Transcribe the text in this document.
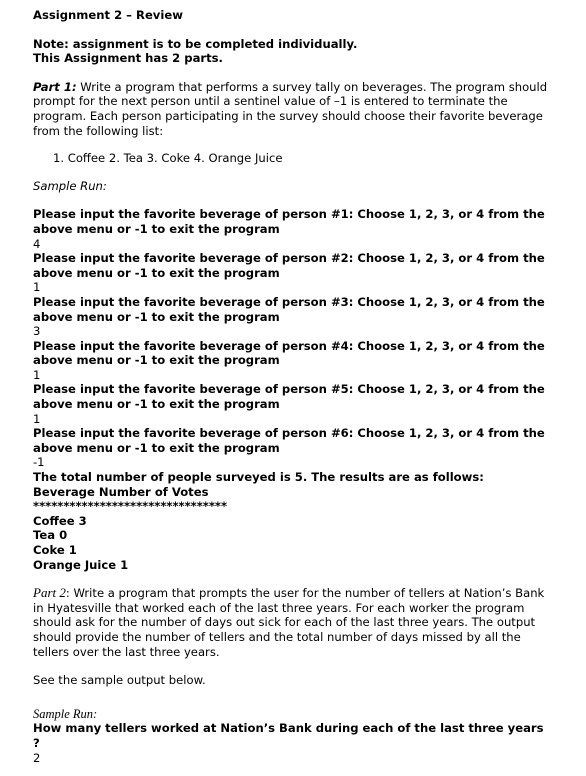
Assignment 2 – Review

Note: assignment is to be completed individually.

This Assignment has 2 parts.

Part 1: Write a program that performs a survey tally on beverages. The program should prompt for the next person until a sentinel value of –1 is entered to terminate the program. Each person participating in the survey should choose their favorite beverage from the following list:

1. Coffee 2. Tea 3. Coke 4. Orange Juice

Sample Run:

Please input the favorite beverage of person #1: Choose 1, 2, 3, or 4 from the above menu or -1 to exit the program

4

Please input the favorite beverage of person #2: Choose 1, 2, 3, or 4 from the above menu or -1 to exit the program

1

Please input the favorite beverage of person #3: Choose 1, 2, 3, or 4 from the above menu or -1 to exit the program

3

Please input the favorite beverage of person #4: Choose 1, 2, 3, or 4 from the above menu or -1 to exit the program

1

Please input the favorite beverage of person #5: Choose 1, 2, 3, or 4 from the above menu or -1 to exit the program

1

Please input the favorite beverage of person #6: Choose 1, 2, 3, or 4 from the above menu or -1 to exit the program

-1

The total number of people surveyed is 5. The results are as follows:

Beverage Number of Votes

********************************

Coffee 3

Tea 0

Coke 1

Orange Juice 1

Part 2: Write a program that prompts the user for the number of tellers at Nation’s Bank in Hyatesville that worked each of the last three years. For each worker the program should ask for the number of days out sick for each of the last three years. The output should provide the number of tellers and the total number of days missed by all the tellers over the last three years.

See the sample output below.

Sample Run:

How many tellers worked at Nation’s Bank during each of the last three years ?

2
